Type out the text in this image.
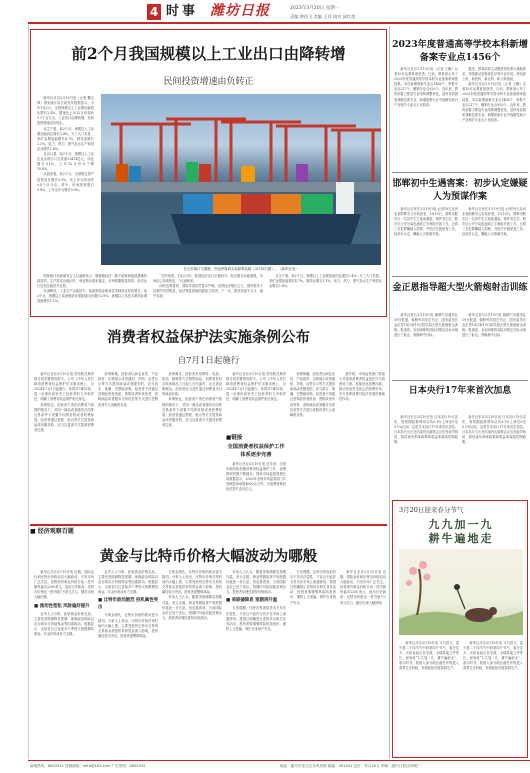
4 时事 潍坊日报	2023年3月20日 星期一
责编 钟西飞 美编 王祥 校对 邱红霞
前2个月我国规模以上工业出口由降转增
民间投资增速由负转正

新华社北京3月19日电（记者 魏玉坤）国家统计局日前发布数据显示，今年1至2月，全国规模以上工业增加值同比增长2.4%，增速比上年12月份加快1.1个百分点，工业出口由降转增，民间投资增速由负转正。

从生产看，前2个月，规模以上工业增加值同比增长2.4%。分三大门类看，采矿业增加值增长4.7%，制造业增长2.1%，电力、热力、燃气及水生产和供应业增长2.8%。

从出口看，前2个月，规模以上工业企业实现出口交货值21474亿元，同比增长0.1%，上年12月份为下降10.8%。

从投资看，前2个月，全国固定资产投资同比增长5.5%，比上年全年加快0.4个百分点。其中，民间投资增长0.8%，上年全年为增长0.9%。

在山东港口日照港，货轮停靠码头装卸集装箱（3月18日摄）。（新华社发）

国家统计局新闻发言人付凌晖表示，随着稳经济一揽子政策和接续措施持续显效，生产需求企稳回升，就业物价基本稳定，市场预期明显改善，经济运行呈现企稳回升态势。

付凌晖说，工业生产企稳回升，装备制造业和高技术制造业较快增长。前2个月，规模以上装备制造业增加值同比增长2.8%，规模以上高技术制造业增加值增长1.1%。

“总的来看，1至2月份，我国经济运行企稳回升，经济增长动能增强，市场信心持续恢复。”付凌晖说。

同时也要看到，国际环境依然复杂严峻，世界经济增长乏力，国内需求不足制约仍然明显，经济恢复基础尚需加力巩固。下一步，要坚持稳字当头、稳中求进。

从生产看，前2个月，规模以上工业增加值同比增长2.4%。分三大门类看，采矿业增加值增长4.7%，制造业增长2.1%，电力、热力、燃气及水生产和供应业增长2.8%。

2023年度普通高等学校本科新增备案专业点1456个

新华社北京3月19日电（记者 王鹏）记者19日从教育部获悉，日前，教育部公布了2023年度普通高等学校本科专业备案和审批结果。本次新增备案专业点1456个，审批专业点217个，撤销专业点925个。近年来，教育部着力推进专业结构调整优化，加快布局国家战略急需专业，新增备案专业中战略性新兴产业相关专业点占比较高。

据悉，教育部将主动服务国家重大战略需求，持续推动高校优化学科专业布局，深化新工科、新医科、新农科、新文科建设。

新华社北京3月19日电（记者 王鹏）记者19日从教育部获悉，日前，教育部公布了2023年度普通高等学校本科专业备案和审批结果。本次新增备案专业点1456个，审批专业点217个，撤销专业点925个。近年来，教育部着力推进专业结构调整优化，加快布局国家战略急需专业，新增备案专业中战略性新兴产业相关专业点占比较高。

邯郸初中生遇害案：初步认定嫌疑人为预谋作案

新华社石家庄3月19日电 记者19日从河北省邯郸市公安局获悉，3月10日，邯郸市肥乡区一名初中生王某某遇害，案件发生后，肥乡区公安分局迅速成立专案组开展工作，已将三名犯罪嫌疑人控制，并依法开展侦查工作。经初步认定，嫌疑人为预谋作案。

新华社石家庄3月19日电 记者19日从河北省邯郸市公安局获悉，3月10日，邯郸市肥乡区一名初中生王某某遇害，案件发生后，肥乡区公安分局迅速成立专案组开展工作，已将三名犯罪嫌疑人控制，并依法开展侦查工作。经初步认定，嫌疑人为预谋作案。

金正恩指导超大型火箭炮射击训练

新华社首尔3月19日电 朝鲜中央通讯社19日报道，朝鲜劳动党总书记、国务委员长金正恩18日和19日指导超大型火箭炮射击训练。报道说，参加训练的部队向预定目标水域进行了射击，准确命中目标。

新华社首尔3月19日电 朝鲜中央通讯社19日报道，朝鲜劳动党总书记、国务委员长金正恩18日和19日指导超大型火箭炮射击训练。报道说，参加训练的部队向预定目标水域进行了射击，准确命中目标。

日本央行17年来首次加息

新华社东京3月19日电 日本央行19日宣布，将短期政策利率从负0.1%上调至0至0.1%区间，这是日本央行17年来首次加息。日本央行当天在结束货币政策会议后发表声明说，将结束负利率政策和收益率曲线控制政策。

新华社东京3月19日电 日本央行19日宣布，将短期政策利率从负0.1%上调至0至0.1%区间，这是日本央行17年来首次加息。日本央行当天在结束货币政策会议后发表声明说，将结束负利率政策和收益率曲线控制政策。

3月20日迎来春分节气
九九加一九
耕牛遍地走

新华社北京3月19日电 今日春分。春分是二十四节气中的第四个节气，春分这天，太阳直射点在赤道，全球昼夜几乎等长。民谚说“九九加一九，耕牛遍地走”，春分时节，我国大部分地区越冬作物进入春季生长阶段，各地陆续开展春耕生产。

新华社北京3月19日电 今日春分。春分是二十四节气中的第四个节气，春分这天，太阳直射点在赤道，全球昼夜几乎等长。民谚说“九九加一九，耕牛遍地走”，春分时节，我国大部分地区越冬作物进入春季生长阶段，各地陆续开展春耕生产。

消费者权益保护法实施条例公布
自7月1日起施行

新华社北京3月19日电 国务院总理李强日前签署国务院令，公布《中华人民共和国消费者权益保护法实施条例》，自2024年7月1日起施行。条例共7章52条，进一步细化和补充了经营者的义务和责任，明确了消费者权益保护相关规定。

条例规定，经营者不得在消费者不知情的情况下，对同一商品或者服务在同等交易条件下设置不同的价格或者收费标准。经营者通过搭配、组合等方式提供商品或者服务的，应当以显著方式提请消费者注意。

条例明确，经营者以商业宣传、产品推荐、实物展示或者通知、声明、店堂告示等方式提供商品或者服务的，应当真实、准确、完整地说明。经营者不得通过虚构经营者资质、资格或者所获荣誉，虚构商品或者服务交易信息等方式进行虚假或者引人误解的宣传。

条例要求，经营者采用网络、电视、电话、邮购等方式销售商品，消费者有权自收到商品之日起七日内退货，且无需说明理由。经营者应当及时退还消费者支付的商品价款。

条例规定，经营者不得在消费者不知情的情况下，对同一商品或者服务在同等交易条件下设置不同的价格或者收费标准。经营者通过搭配、组合等方式提供商品或者服务的，应当以显著方式提请消费者注意。

新华社北京3月19日电 国务院总理李强日前签署国务院令，公布《中华人民共和国消费者权益保护法实施条例》，自2024年7月1日起施行。条例共7章52条，进一步细化和补充了经营者的义务和责任，明确了消费者权益保护相关规定。

■链接
全国消费者权益保护工作体系逐步完善

新华社北京3月19日电 近年来，全国各地持续加强消费者权益保护工作，消费维权机制不断健全。国家市场监督管理总局数据显示，2023年全国市场监管部门共受理投诉举报4000余万件，为消费者挽回经济损失近百亿元。

条例明确，经营者以商业宣传、产品推荐、实物展示或者通知、声明、店堂告示等方式提供商品或者服务的，应当真实、准确、完整地说明。经营者不得通过虚构经营者资质、资格或者所获荣誉，虚构商品或者服务交易信息等方式进行虚假或者引人误解的宣传。

据介绍，市场监管部门将加大对侵害消费者权益违法行为的查处力度，持续优化消费环境，推动形成安全放心的消费市场，充分发挥消费对经济发展的基础性作用。

■ 经济观察百题
黄金与比特币价格大幅波动为哪般

新华社北京3月19日电 近期，国际金价和比特币价格双双大幅波动，引发市场广泛关注。伦敦现货黄金价格日前一度突破每盎司2200美元，创出历史新高；比特币价格也一度突破7万美元关口，随后出现大幅回调。

■ 流动性宽松 风险偏好提升

业内人士分析，此轮黄金价格走高，主要受美联储降息预期、地缘政治风险以及全球央行持续购金等因素推动。数据显示，全球央行已连续多个季度大规模增持黄金，对金价形成有力支撑。

业内人士分析，此轮黄金价格走高，主要受美联储降息预期、地缘政治风险以及全球央行持续购金等因素推动。数据显示，全球央行已连续多个季度大规模增持黄金，对金价形成有力支撑。

■ 比特币波动剧烈 投机属性突出

与黄金相比，比特币价格的波动更为剧烈。分析人士指出，比特币价格在短时间内大幅上涨，主要受现货比特币交易所交易基金获批带来的资金流入影响，投机属性较为突出，投资者需警惕风险。

与黄金相比，比特币价格的波动更为剧烈。分析人士指出，比特币价格在短时间内大幅上涨，主要受现货比特币交易所交易基金获批带来的资金流入影响，投机属性较为突出，投资者需警惕风险。

市场人士认为，随着美联储降息预期升温，美元走弱，黄金等避险资产的配置价值进一步凸显。但也要看到，当前国际金价已处于高位，短期内可能面临回调压力，投资者应理性看待价格波动。

市场人士认为，随着美联储降息预期升温，美元走弱，黄金等避险资产的配置价值进一步凸显。但也要看到，当前国际金价已处于高位，短期内可能面临回调压力，投资者应理性看待价格波动。

■ 美联储降息 预期再升温

专家提醒，比特币等虚拟货币不具有法偿性，不应且不能作为货币在市场上流通使用。我国已明确禁止虚拟货币相关业务活动，投资者要增强风险防范意识，谨防上当受骗，保护自身财产安全。

专家提醒，比特币等虚拟货币不具有法偿性，不应且不能作为货币在市场上流通使用。我国已明确禁止虚拟货币相关业务活动，投资者要增强风险防范意识，谨防上当受骗，保护自身财产安全。

新华社北京3月19日电 近期，国际金价和比特币价格双双大幅波动，引发市场广泛关注。伦敦现货黄金价格日前一度突破每盎司2200美元，创出历史新高；比特币价格也一度突破7万美元关口，随后出现大幅回调。

新闻热线：8855551 投稿邮箱：wfrb@163.com 广告热线：8855552	地址：潍坊市奎文区东风东街 邮编：261041 定价：每月30元 印刷：潍坊日报社印刷厂
